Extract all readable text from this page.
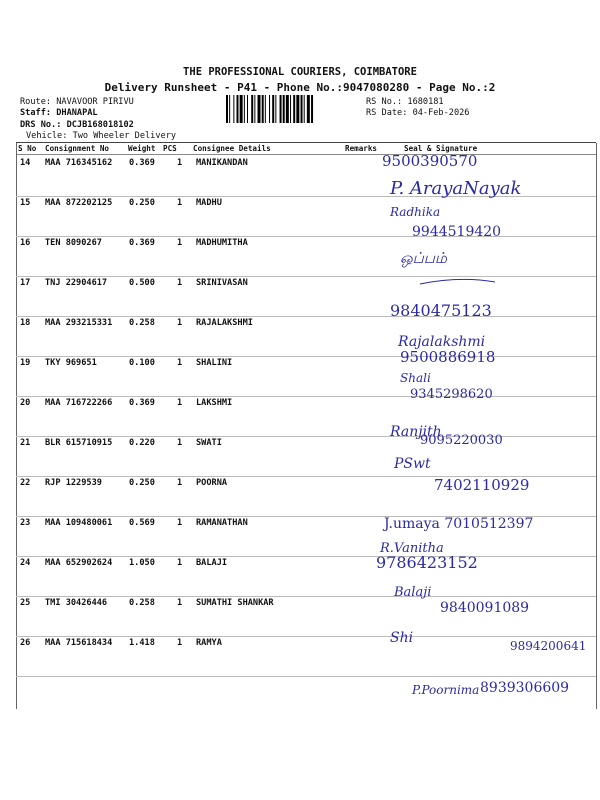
THE PROFESSIONAL COURIERS, COIMBATORE
Delivery Runsheet - P41 - Phone No.:9047080280 - Page No.:2
Route: NAVAVOOR PIRIVU
Staff: DHANAPAL
DRS No.: DCJB168018102
Vehicle: Two Wheeler Delivery
RS No.: 1680181
RS Date: 04-Feb-2026
S No Consignment No Weight PCS Consignee Details	Remarks	Seal & Signature
14 MAA 716345162 0.369	1 MANIKANDAN
15 MAA 872202125 0.250	1 MADHU
16 TEN 8090267	0.369	1 MADHUMITHA
17 TNJ 22904617	0.500	1 SRINIVASAN
18 MAA 293215331 0.258	1 RAJALAKSHMI
19 TKY 969651	0.100	1 SHALINI
20 MAA 716722266 0.369	1 LAKSHMI
21 BLR 615710915 0.220	1 SWATI
22 RJP 1229539	0.250	1 POORNA
23 MAA 109480061 0.569	1 RAMANATHAN
24 MAA 652902624 1.050	1 BALAJI
25 TMI 30426446	0.258	1 SUMATHI SHANKAR
26 MAA 715618434 1.418	1 RAMYA
9500390570
P. ArayaNayak
Radhika
9944519420
ஒப்பம்
9840475123
Rajalakshmi
9500886918
Shali
9345298620
Ranjith
9095220030
PSwt
7402110929
J.umaya 7010512397
R.Vanitha
9786423152
Balaji
9840091089
Shi	9894200641
P.Poornima 8939306609
